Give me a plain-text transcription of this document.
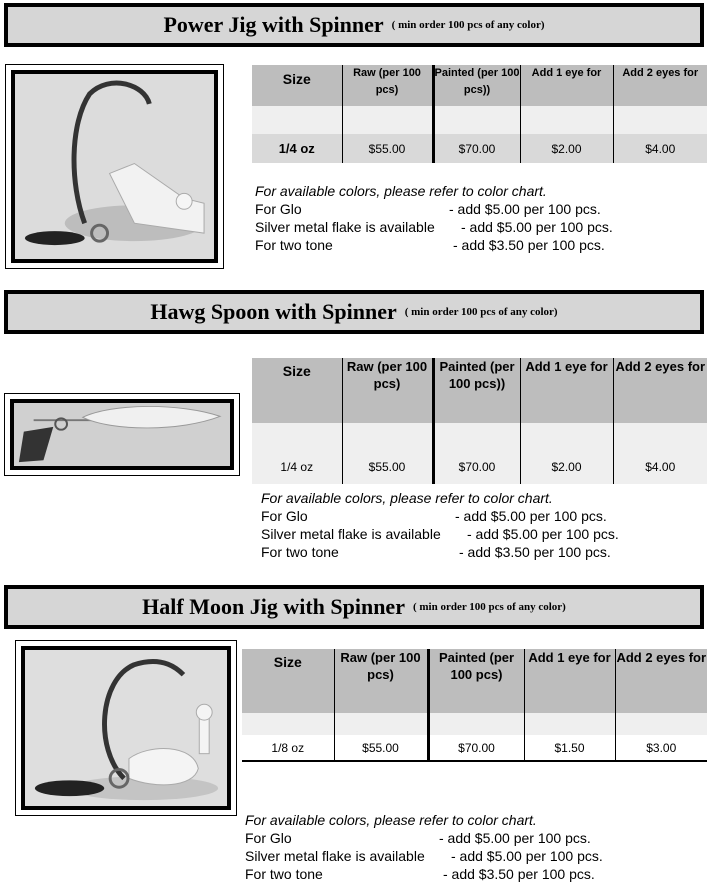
Power Jig with Spinner ( min order 100 pcs of any color)
Size	Raw (per 100 pcs)	Painted (per 100 pcs))	Add 1 eye for	Add 2 eyes for

1/4 oz	$55.00	$70.00	$2.00	$4.00
For available colors, please refer to color chart.
For Glo	- add $5.00 per 100 pcs.
Silver metal flake is available - add $5.00 per 100 pcs.
For two tone	- add $3.50 per 100 pcs.
Hawg Spoon with Spinner ( min order 100 pcs of any color)
Size	Raw (per 100 pcs)	Painted (per 100 pcs))	Add 1 eye for	Add 2 eyes for
1/4 oz	$55.00	$70.00	$2.00	$4.00
For available colors, please refer to color chart.
For Glo	- add $5.00 per 100 pcs.
Silver metal flake is available - add $5.00 per 100 pcs.
For two tone	- add $3.50 per 100 pcs.
Half Moon Jig with Spinner ( min order 100 pcs of any color)
Size	Raw (per 100 pcs)	Painted (per 100 pcs)	Add 1 eye for	Add 2 eyes for

1/8 oz	$55.00	$70.00	$1.50	$3.00
For available colors, please refer to color chart.
For Glo	- add $5.00 per 100 pcs.
Silver metal flake is available - add $5.00 per 100 pcs.
For two tone	- add $3.50 per 100 pcs.
